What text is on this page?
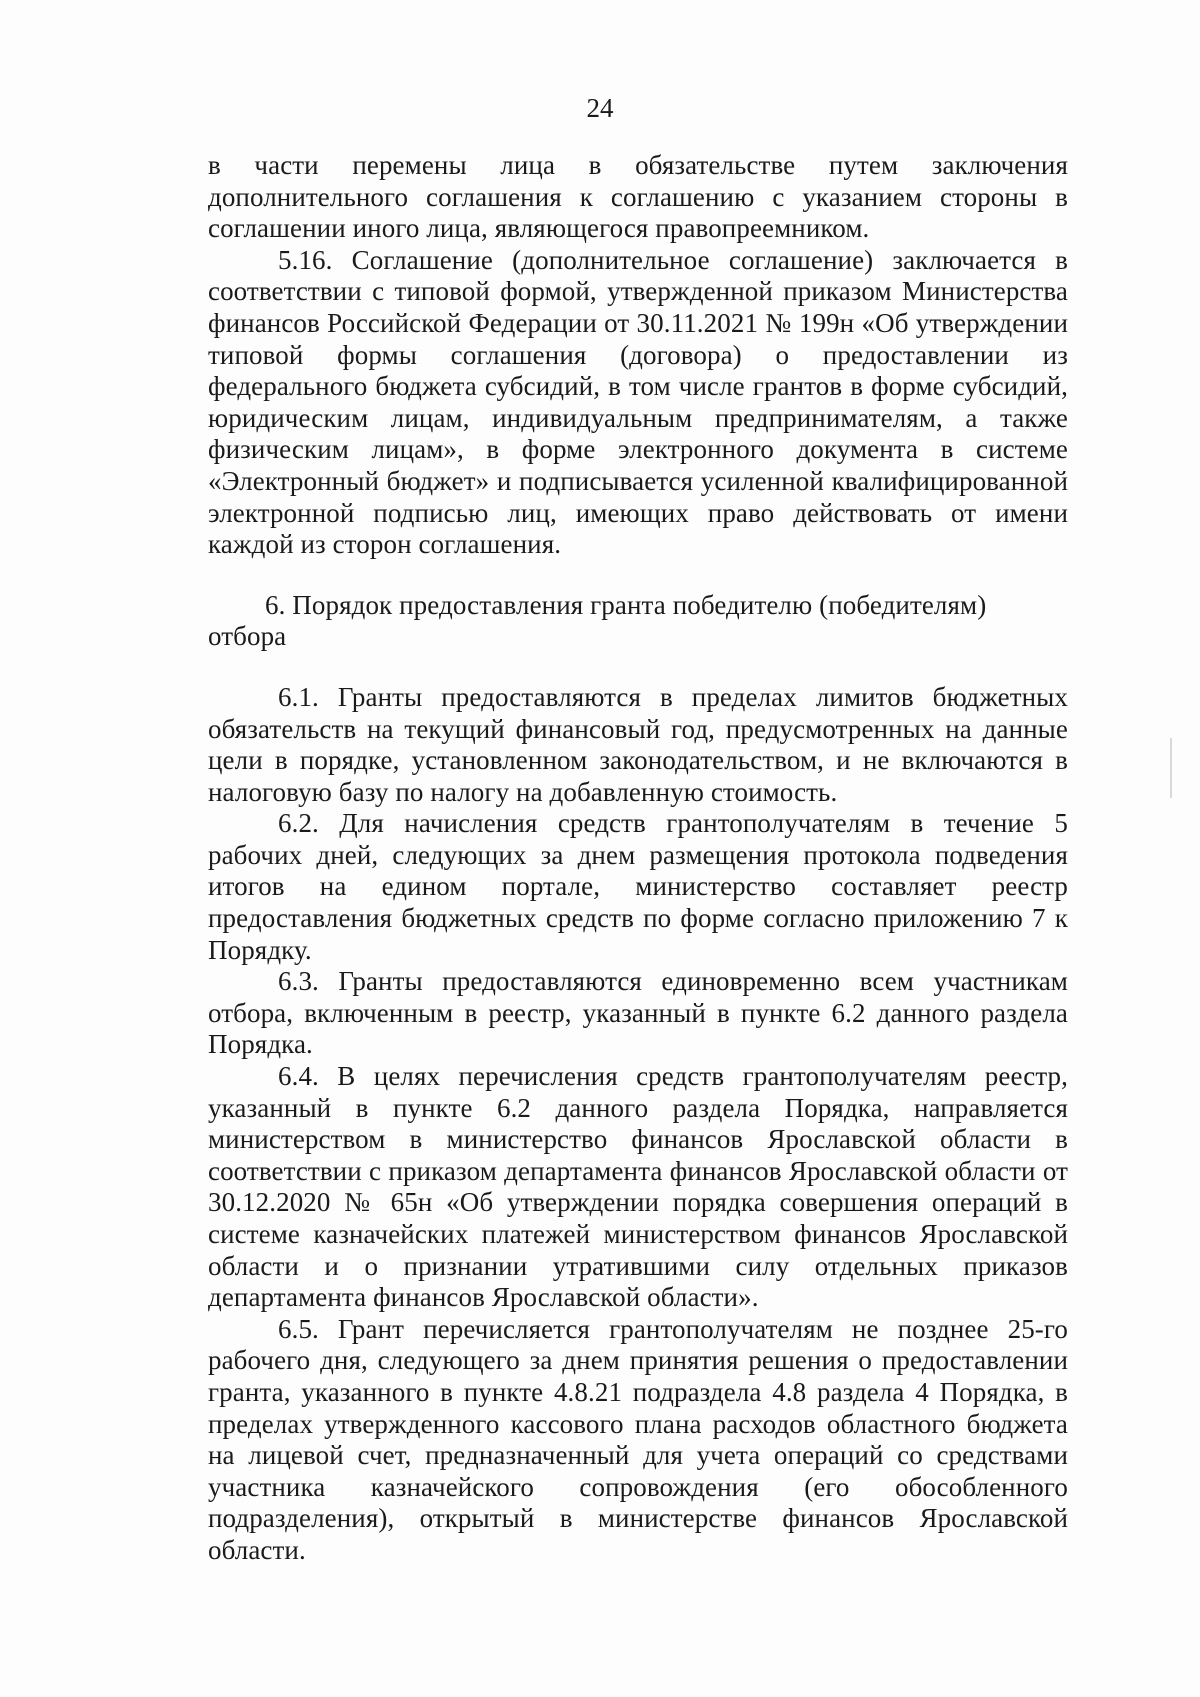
24

в части перемены лица в обязательстве путем заключения дополнительного соглашения к соглашению с указанием стороны в соглашении иного лица, являющегося правопреемником.

5.16. Соглашение (дополнительное соглашение) заключается в соответствии с типовой формой, утвержденной приказом Министерства финансов Российской Федерации от 30.11.2021 № 199н «Об утверждении типовой формы соглашения (договора) о предоставлении из федерального бюджета субсидий, в том числе грантов в форме субсидий, юридическим лицам, индивидуальным предпринимателям, а также физическим лицам», в форме электронного документа в системе «Электронный бюджет» и подписывается усиленной квалифицированной электронной подписью лиц, имеющих право действовать от имени каждой из сторон соглашения.

6. Порядок предоставления гранта победителю (победителям) отбора

6.1. Гранты предоставляются в пределах лимитов бюджетных обязательств на текущий финансовый год, предусмотренных на данные цели в порядке, установленном законодательством, и не включаются в налоговую базу по налогу на добавленную стоимость.

6.2. Для начисления средств грантополучателям в течение 5 рабочих дней, следующих за днем размещения протокола подведения итогов на едином портале, министерство составляет реестр предоставления бюджетных средств по форме согласно приложению 7 к Порядку.

6.3. Гранты предоставляются единовременно всем участникам отбора, включенным в реестр, указанный в пункте 6.2 данного раздела Порядка.

6.4. В целях перечисления средств грантополучателям реестр, указанный в пункте 6.2 данного раздела Порядка, направляется министерством в министерство финансов Ярославской области в соответствии с приказом департамента финансов Ярославской области от 30.12.2020 № 65н «Об утверждении порядка совершения операций в системе казначейских платежей министерством финансов Ярославской области и о признании утратившими силу отдельных приказов департамента финансов Ярославской области».

6.5. Грант перечисляется грантополучателям не позднее 25-го рабочего дня, следующего за днем принятия решения о предоставлении гранта, указанного в пункте 4.8.21 подраздела 4.8 раздела 4 Порядка, в пределах утвержденного кассового плана расходов областного бюджета на лицевой счет, предназначенный для учета операций со средствами участника казначейского сопровождения (его обособленного подразделения), открытый в министерстве финансов Ярославской области.
